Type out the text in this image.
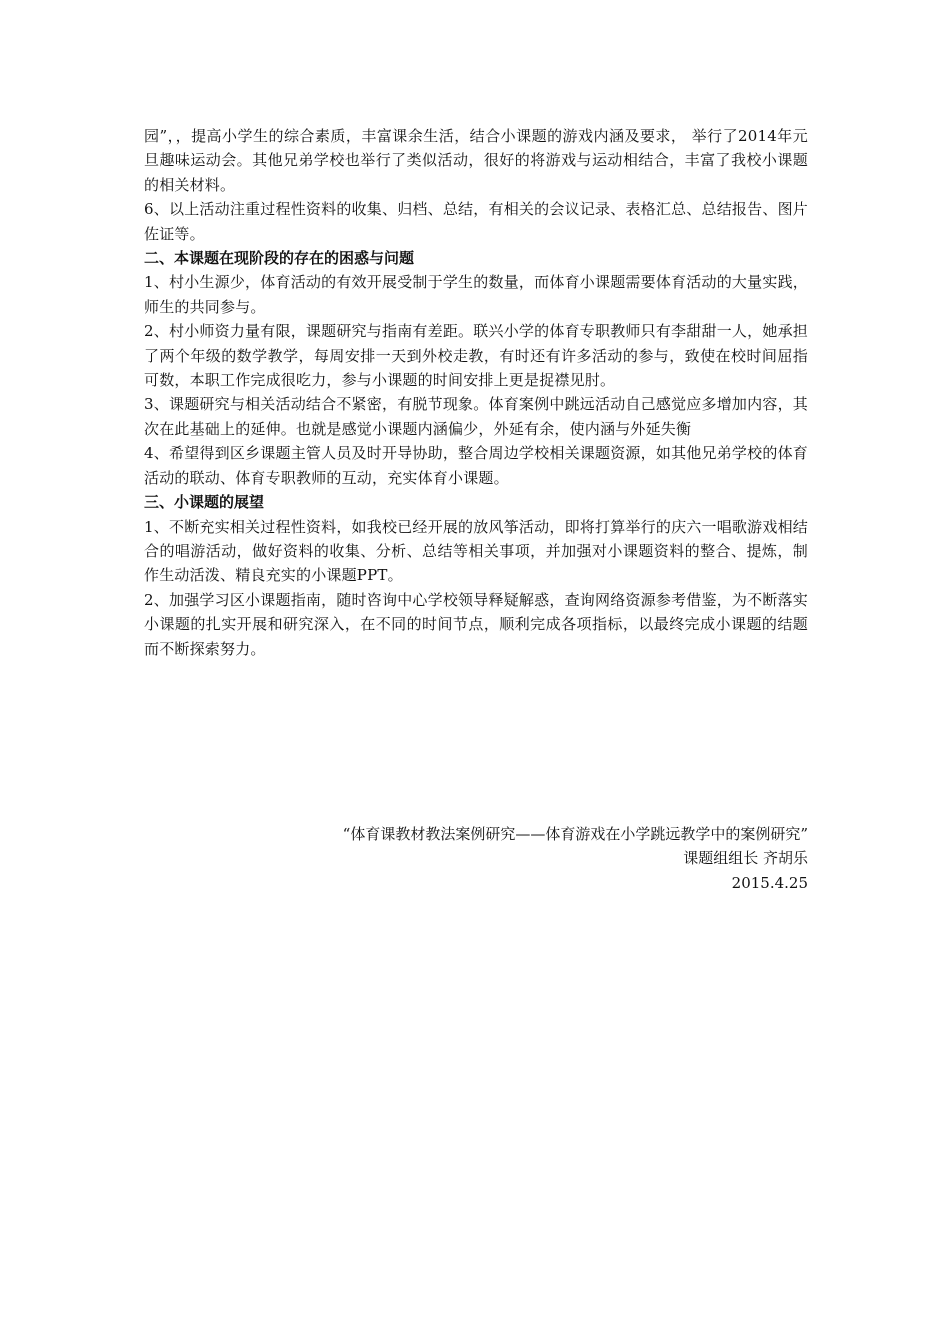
园”，，提高小学生的综合素质，丰富课余生活，结合小课题的游戏内涵及要求， 举行了2014年元旦趣味运动会。其他兄弟学校也举行了类似活动，很好的将游戏与运动相结合，丰富了我校小课题的相关材料。

6、以上活动注重过程性资料的收集、归档、总结，有相关的会议记录、表格汇总、总结报告、图片佐证等。

二、本课题在现阶段的存在的困惑与问题

1、村小生源少，体育活动的有效开展受制于学生的数量，而体育小课题需要体育活动的大量实践，师生的共同参与。

2、村小师资力量有限，课题研究与指南有差距。联兴小学的体育专职教师只有李甜甜一人，她承担了两个年级的数学教学，每周安排一天到外校走教，有时还有许多活动的参与，致使在校时间屈指可数，本职工作完成很吃力，参与小课题的时间安排上更是捉襟见肘。

3、课题研究与相关活动结合不紧密，有脱节现象。体育案例中跳远活动自己感觉应多增加内容，其次在此基础上的延伸。也就是感觉小课题内涵偏少，外延有余，使内涵与外延失衡

4、希望得到区乡课题主管人员及时开导协助，整合周边学校相关课题资源，如其他兄弟学校的体育活动的联动、体育专职教师的互动，充实体育小课题。

三、小课题的展望

1、不断充实相关过程性资料，如我校已经开展的放风筝活动，即将打算举行的庆六一唱歌游戏相结合的唱游活动，做好资料的收集、分析、总结等相关事项，并加强对小课题资料的整合、提炼，制作生动活泼、精良充实的小课题PPT。

2、加强学习区小课题指南，随时咨询中心学校领导释疑解惑，查询网络资源参考借鉴，为不断落实小课题的扎实开展和研究深入，在不同的时间节点，顺利完成各项指标，以最终完成小课题的结题而不断探索努力。

“体育课教材教法案例研究——体育游戏在小学跳远教学中的案例研究”
课题组组长 齐胡乐
2015.4.25
